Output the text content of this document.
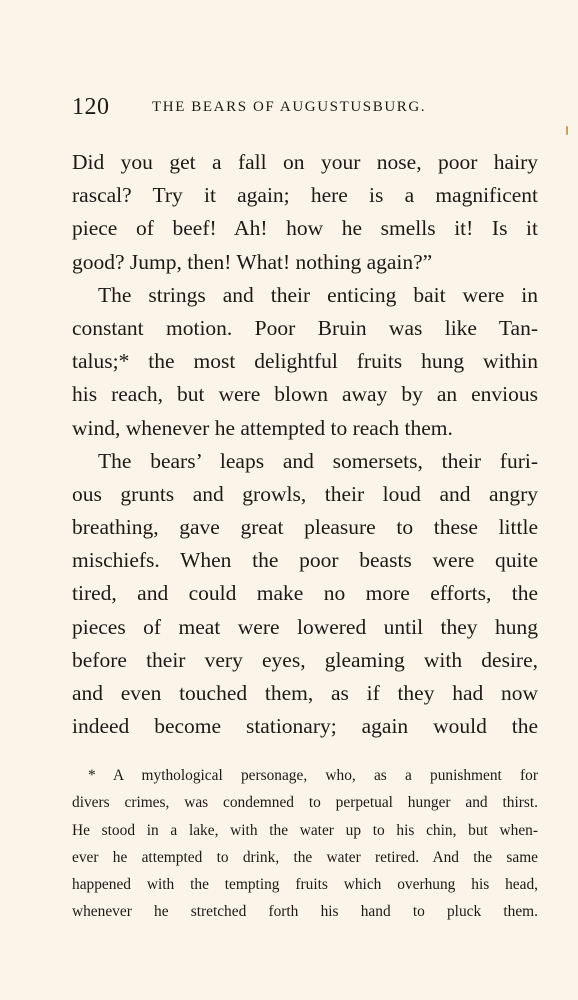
120	THE BEARS OF AUGUSTUSBURG.
Did you get a fall on your nose, poor hairy
rascal? Try it again; here is a magnificent
piece of beef! Ah! how he smells it! Is it
good? Jump, then! What! nothing again?”
The strings and their enticing bait were in
constant motion. Poor Bruin was like Tan-
talus;* the most delightful fruits hung within
his reach, but were blown away by an envious
wind, whenever he attempted to reach them.
The bears’ leaps and somersets, their furi-
ous grunts and growls, their loud and angry
breathing, gave great pleasure to these little
mischiefs. When the poor beasts were quite
tired, and could make no more efforts, the
pieces of meat were lowered until they hung
before their very eyes, gleaming with desire,
and even touched them, as if they had now
indeed become stationary; again would the
* A mythological personage, who, as a punishment for
divers crimes, was condemned to perpetual hunger and thirst.
He stood in a lake, with the water up to his chin, but when-
ever he attempted to drink, the water retired. And the same
happened with the tempting fruits which overhung his head,
whenever he stretched forth his hand to pluck them.
